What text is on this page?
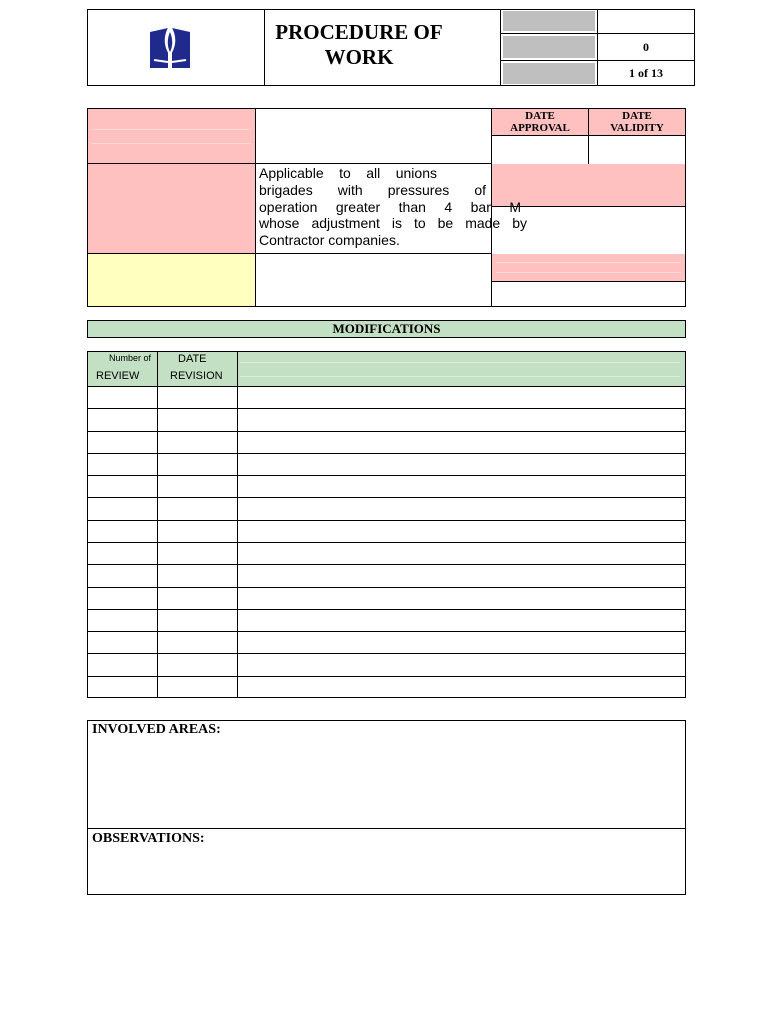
PROCEDURE OF
WORK	0
1 of 13
DATE
APPROVAL
DATE
VALIDITY
Applicable to all unions
brigades with pressures of
operation greater than 4 bar M
whose adjustment is to be made by
Contractor companies.
MODIFICATIONS
Number of
REVIEW
DATE
REVISION
INVOLVED AREAS:
OBSERVATIONS:
